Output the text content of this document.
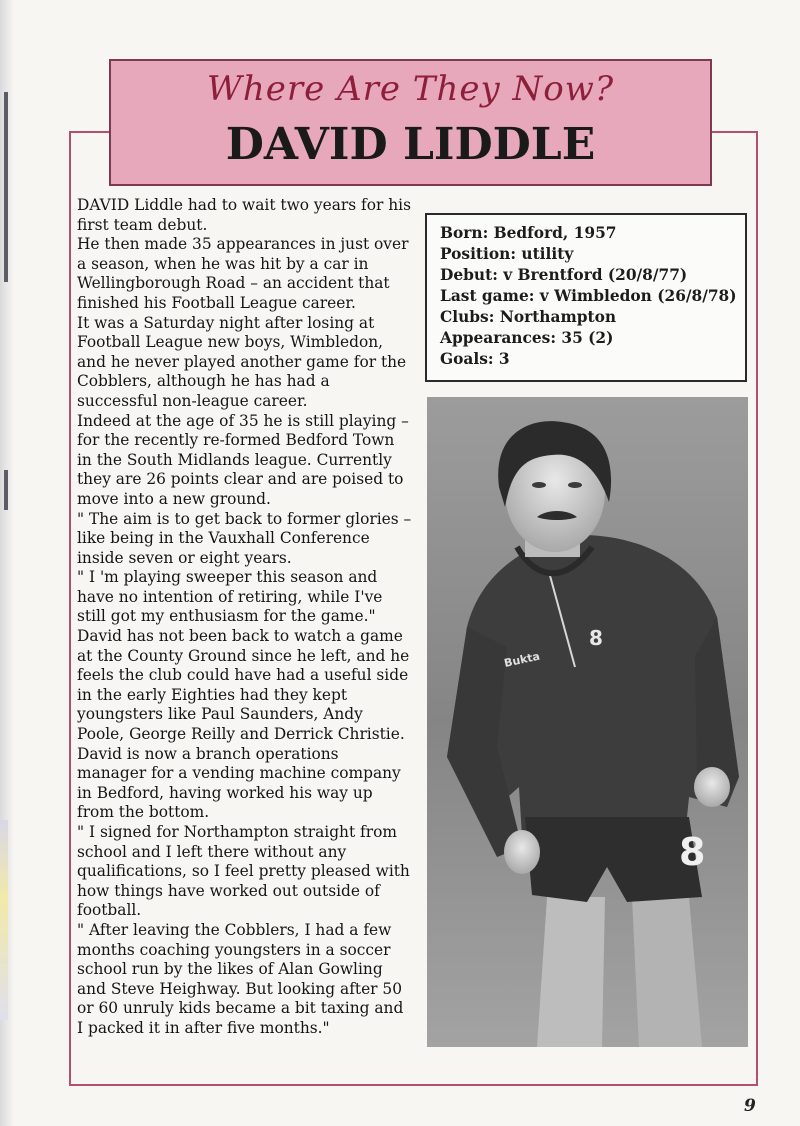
Where Are They Now?
DAVID LIDDLE

DAVID Liddle had to wait two years for his first team debut.

He then made 35 appearances in just over a season, when he was hit by a car in Wellingborough Road – an accident that finished his Football League career.

It was a Saturday night after losing at Football League new boys, Wimbledon, and he never played another game for the Cobblers, although he has had a successful non-league career.

Indeed at the age of 35 he is still playing – for the recently re-formed Bedford Town in the South Midlands league. Currently they are 26 points clear and are poised to move into a new ground.

" The aim is to get back to former glories – like being in the Vauxhall Conference inside seven or eight years.

" I 'm playing sweeper this season and have no intention of retiring, while I've still got my enthusiasm for the game."

David has not been back to watch a game at the County Ground since he left, and he feels the club could have had a useful side in the early Eighties had they kept youngsters like Paul Saunders, Andy Poole, George Reilly and Derrick Christie.

David is now a branch operations manager for a vending machine company in Bedford, having worked his way up from the bottom.

" I signed for Northampton straight from school and I left there without any qualifications, so I feel pretty pleased with how things have worked out outside of football.

" After leaving the Cobblers, I had a few months coaching youngsters in a soccer school run by the likes of Alan Gowling and Steve Heighway. But looking after 50 or 60 unruly kids became a bit taxing and I packed it in after five months."

Born: Bedford, 1957
Position: utility
Debut: v Brentford (20/8/77)
Last game: v Wimbledon (26/8/78)
Clubs: Northampton
Appearances: 35 (2)
Goals: 3
Bukta
8
8
9
